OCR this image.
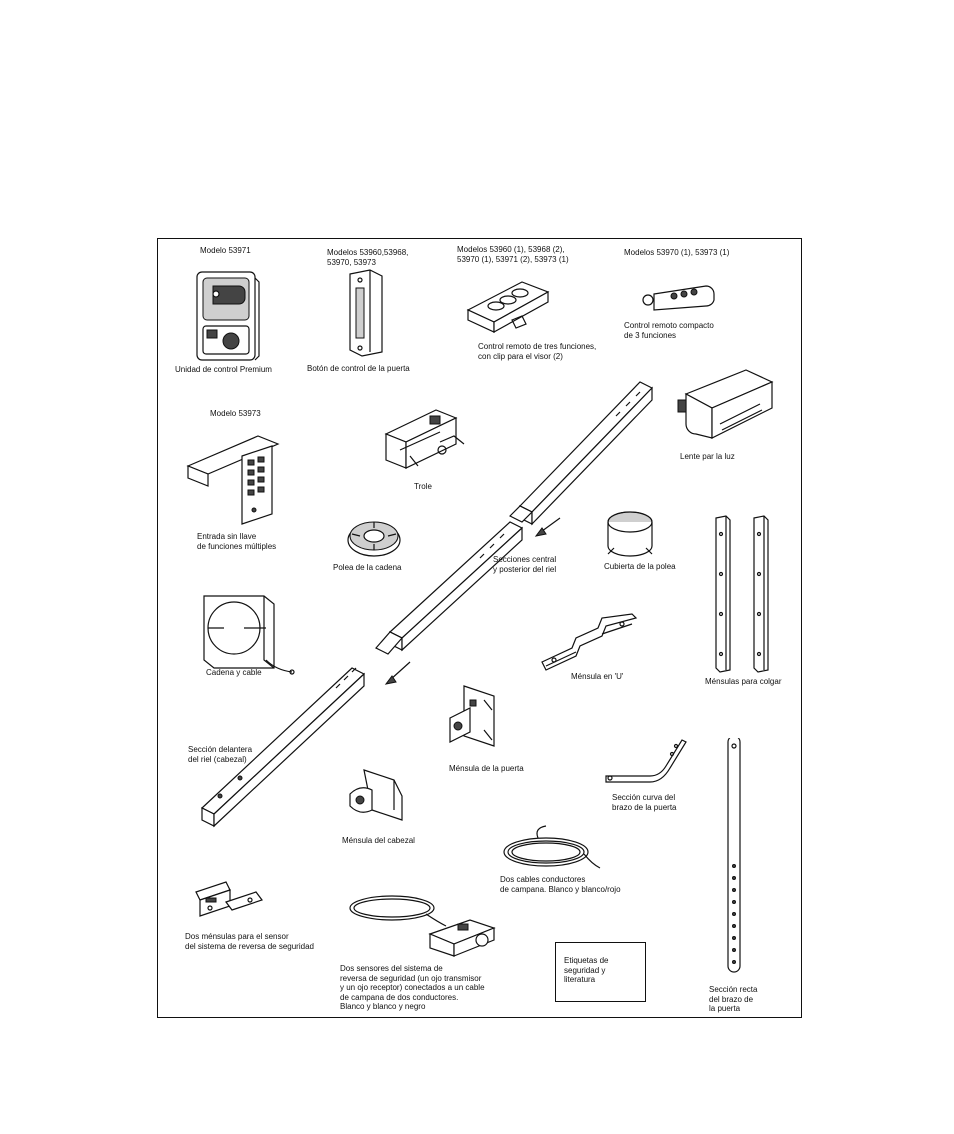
Modelo 53971	Modelos 53960,53968,
53970, 53973
Modelos 53960 (1), 53968 (2),
53970 (1), 53971 (2), 53973 (1)
Modelos 53970 (1), 53973 (1)
Unidad de control Premium	Botón de control de la puerta
Control remoto de tres funciones,
con clip para el visor (2)
Control remoto compacto
de 3 funciones
Modelo 53973
Entrada sin llave
de funciones múltiples
Trole
Lente par la luz
Secciones central
y posterior del riel
Sección delantera
del riel (cabezal)
Polea de la cadena	Cubierta de la polea
Ménsulas para colgar
Cadena y cable	Ménsula en 'U'
Ménsula de la puerta
Sección curva del
brazo de la puerta
Sección recta
del brazo de
la puerta
Ménsula del cabezal
Dos cables conductores
de campana. Blanco y blanco/rojo
Dos ménsulas para el sensor
del sistema de reversa de seguridad
Dos sensores del sistema de
reversa de seguridad (un ojo transmisor
y un ojo receptor) conectados a un cable
de campana de dos conductores.
Blanco y blanco y negro
Etiquetas de
seguridad y
literatura
